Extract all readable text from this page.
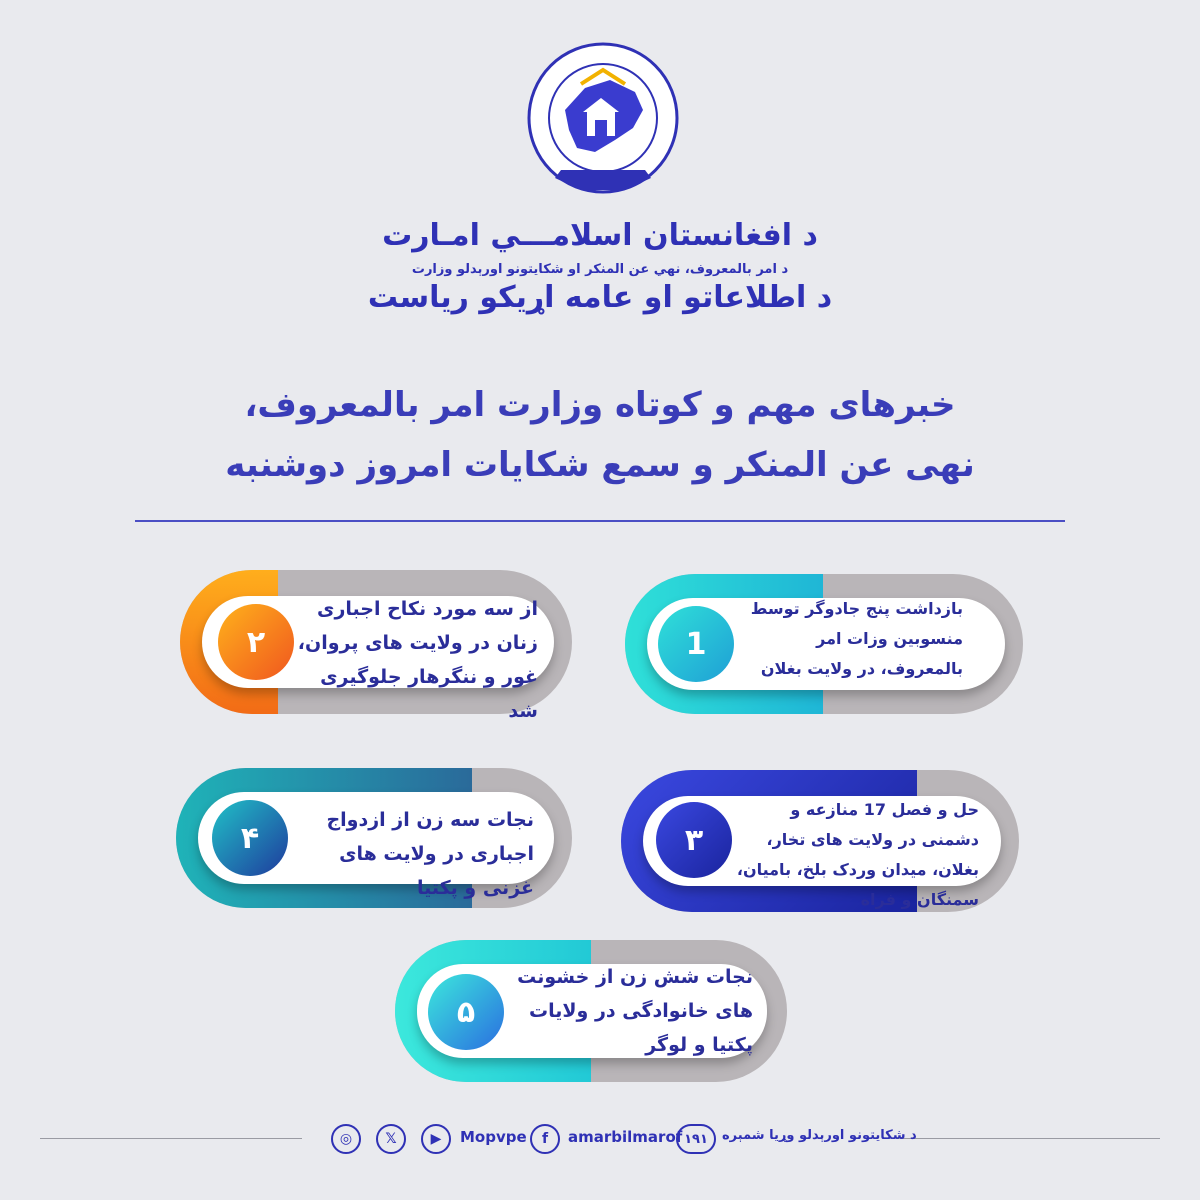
د افغانستان اسلامـــي امـارت
د امر بالمعروف، نهي عن المنکر او شکایتونو اورېدلو وزارت
د اطلاعاتو او عامه اړیکو ریاست
خبرهای مهم و کوتاه وزارت امر بالمعروف،
نهی عن المنکر و سمع شکایات امروز دوشنبه
1
بازداشت پنج جادوگر توسط منسوبین وزات امر بالمعروف، در ولایت بغلان
از سه مورد نکاح اجباری زنان در ولایت های پروان، غور و ننگرهار جلوگیری شد
٢
حل و فصل 17 منازعه و دشمنی در ولایت های تخار، بغلان، میدان وردک بلخ، بامیان، سمنگان و فراه
٣
نجات سه زن از ازدواج اجباری در ولایت های غزنی و پکتیا
۴
نجات شش زن از خشونت های خانوادگی در ولایات پکتیا و لوگر
۵
◎	𝕏	▶	Mopvpe	f	amarbilmarof ۱۹۱	د شکایتونو اورېدلو وړیا شمېره
